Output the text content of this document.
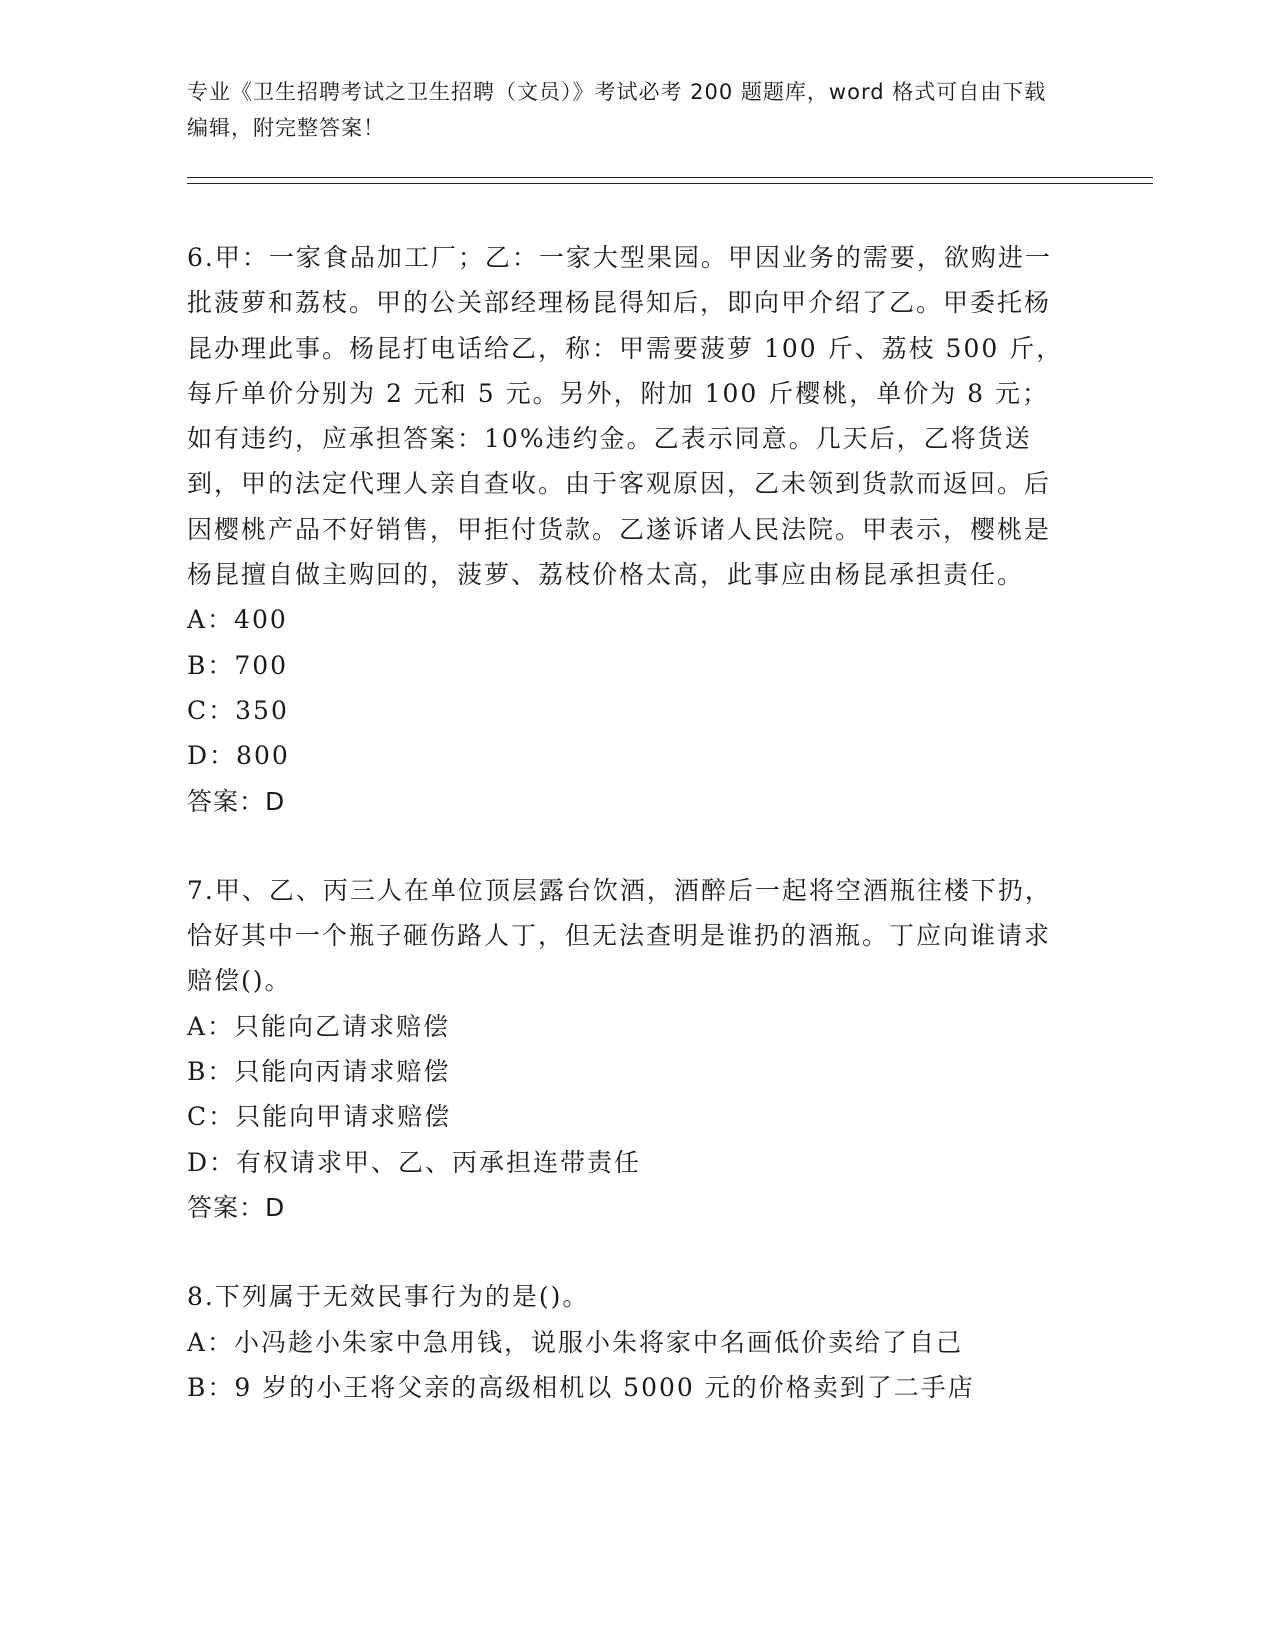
专业《卫生招聘考试之卫生招聘（文员）》考试必考 200 题题库，word 格式可自由下载编辑，附完整答案！

6.甲：一家食品加工厂；乙：一家大型果园。甲因业务的需要，欲购进一批菠萝和荔枝。甲的公关部经理杨昆得知后，即向甲介绍了乙。甲委托杨昆办理此事。杨昆打电话给乙，称：甲需要菠萝 100 斤、荔枝 500 斤，每斤单价分别为 2 元和 5 元。另外，附加 100 斤樱桃，单价为 8 元；如有违约，应承担答案：10%违约金。乙表示同意。几天后，乙将货送到，甲的法定代理人亲自查收。由于客观原因，乙未领到货款而返回。后因樱桃产品不好销售，甲拒付货款。乙遂诉诸人民法院。甲表示，樱桃是杨昆擅自做主购回的，菠萝、荔枝价格太高，此事应由杨昆承担责任。

A：400

B：700

C：350

D：800

答案：D

7.甲、乙、丙三人在单位顶层露台饮酒，酒醉后一起将空酒瓶往楼下扔，恰好其中一个瓶子砸伤路人丁，但无法查明是谁扔的酒瓶。丁应向谁请求赔偿()。

A：只能向乙请求赔偿

B：只能向丙请求赔偿

C：只能向甲请求赔偿

D：有权请求甲、乙、丙承担连带责任

答案：D

8.下列属于无效民事行为的是()。

A：小冯趁小朱家中急用钱，说服小朱将家中名画低价卖给了自己

B：9 岁的小王将父亲的高级相机以 5000 元的价格卖到了二手店
